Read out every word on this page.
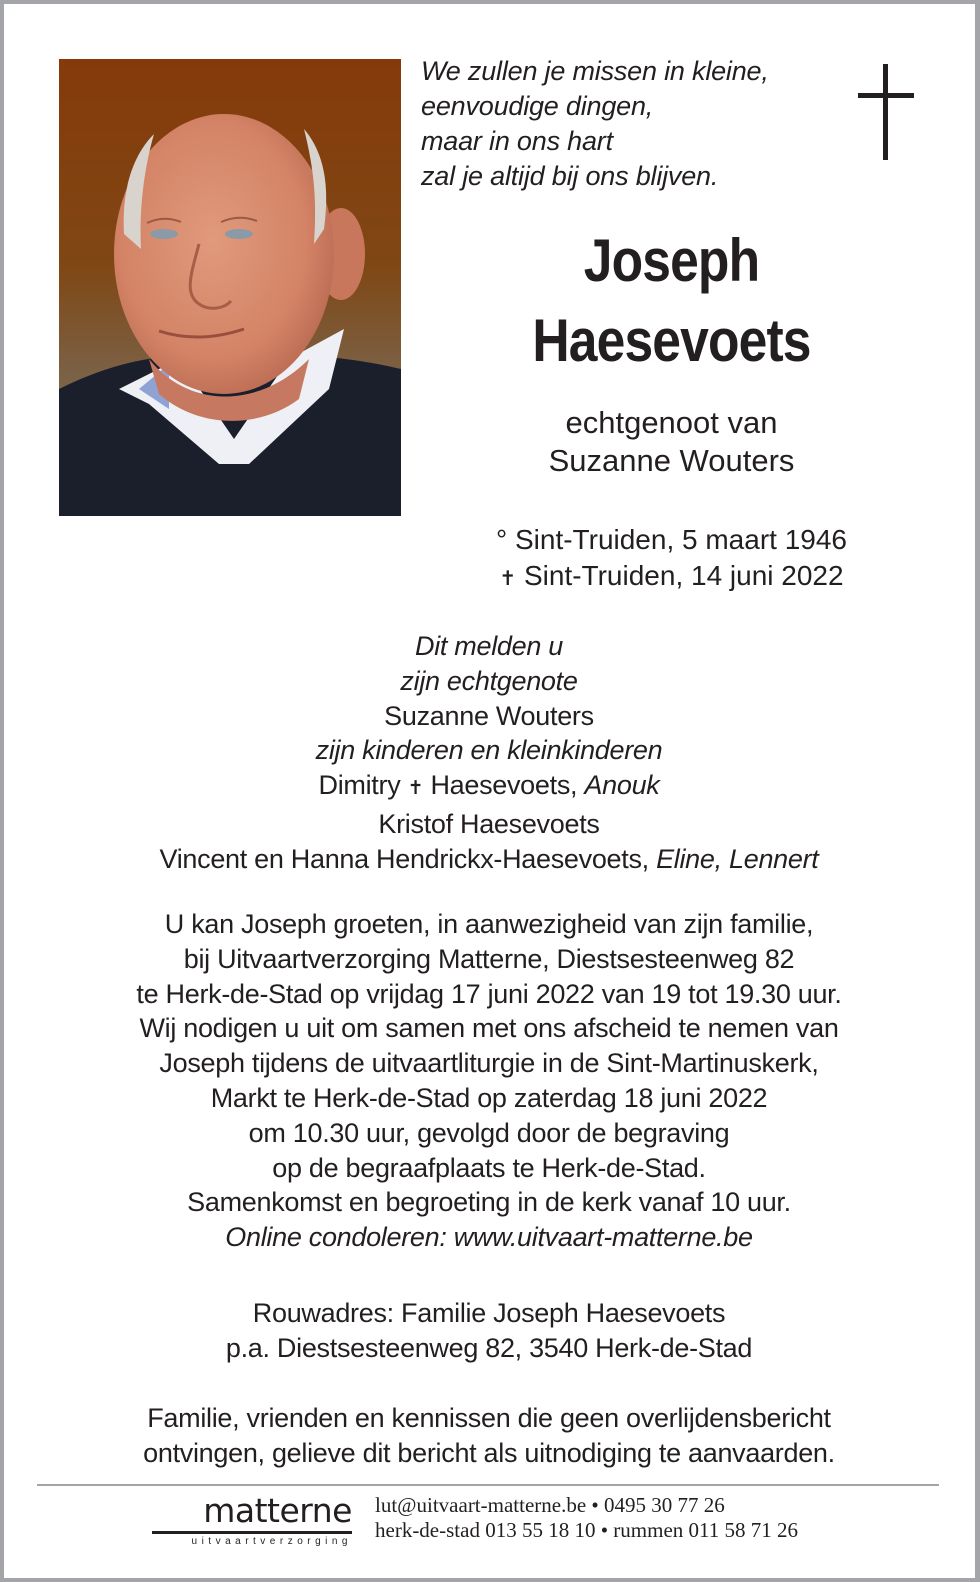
We zullen je missen in kleine,
eenvoudige dingen,
maar in ons hart
zal je altijd bij ons blijven.
Joseph
Haesevoets
echtgenoot van
Suzanne Wouters
° Sint-Truiden, 5 maart 1946
✝ Sint-Truiden, 14 juni 2022
Dit melden u
zijn echtgenote
Suzanne Wouters
zijn kinderen en kleinkinderen
Dimitry ✝ Haesevoets, Anouk
Kristof Haesevoets
Vincent en Hanna Hendrickx-Haesevoets, Eline, Lennert
U kan Joseph groeten, in aanwezigheid van zijn familie,
bij Uitvaartverzorging Matterne, Diestsesteenweg 82
te Herk-de-Stad op vrijdag 17 juni 2022 van 19 tot 19.30 uur.
Wij nodigen u uit om samen met ons afscheid te nemen van
Joseph tijdens de uitvaartliturgie in de Sint-Martinuskerk,
Markt te Herk-de-Stad op zaterdag 18 juni 2022
om 10.30 uur, gevolgd door de begraving
op de begraafplaats te Herk-de-Stad.
Samenkomst en begroeting in de kerk vanaf 10 uur.
Online condoleren: www.uitvaart-matterne.be
Rouwadres: Familie Joseph Haesevoets
p.a. Diestsesteenweg 82, 3540 Herk-de-Stad
Familie, vrienden en kennissen die geen overlijdensbericht
ontvingen, gelieve dit bericht als uitnodiging te aanvaarden.
matterne
uitvaartverzorging
lut@uitvaart-matterne.be • 0495 30 77 26
herk-de-stad 013 55 18 10 • rummen 011 58 71 26
